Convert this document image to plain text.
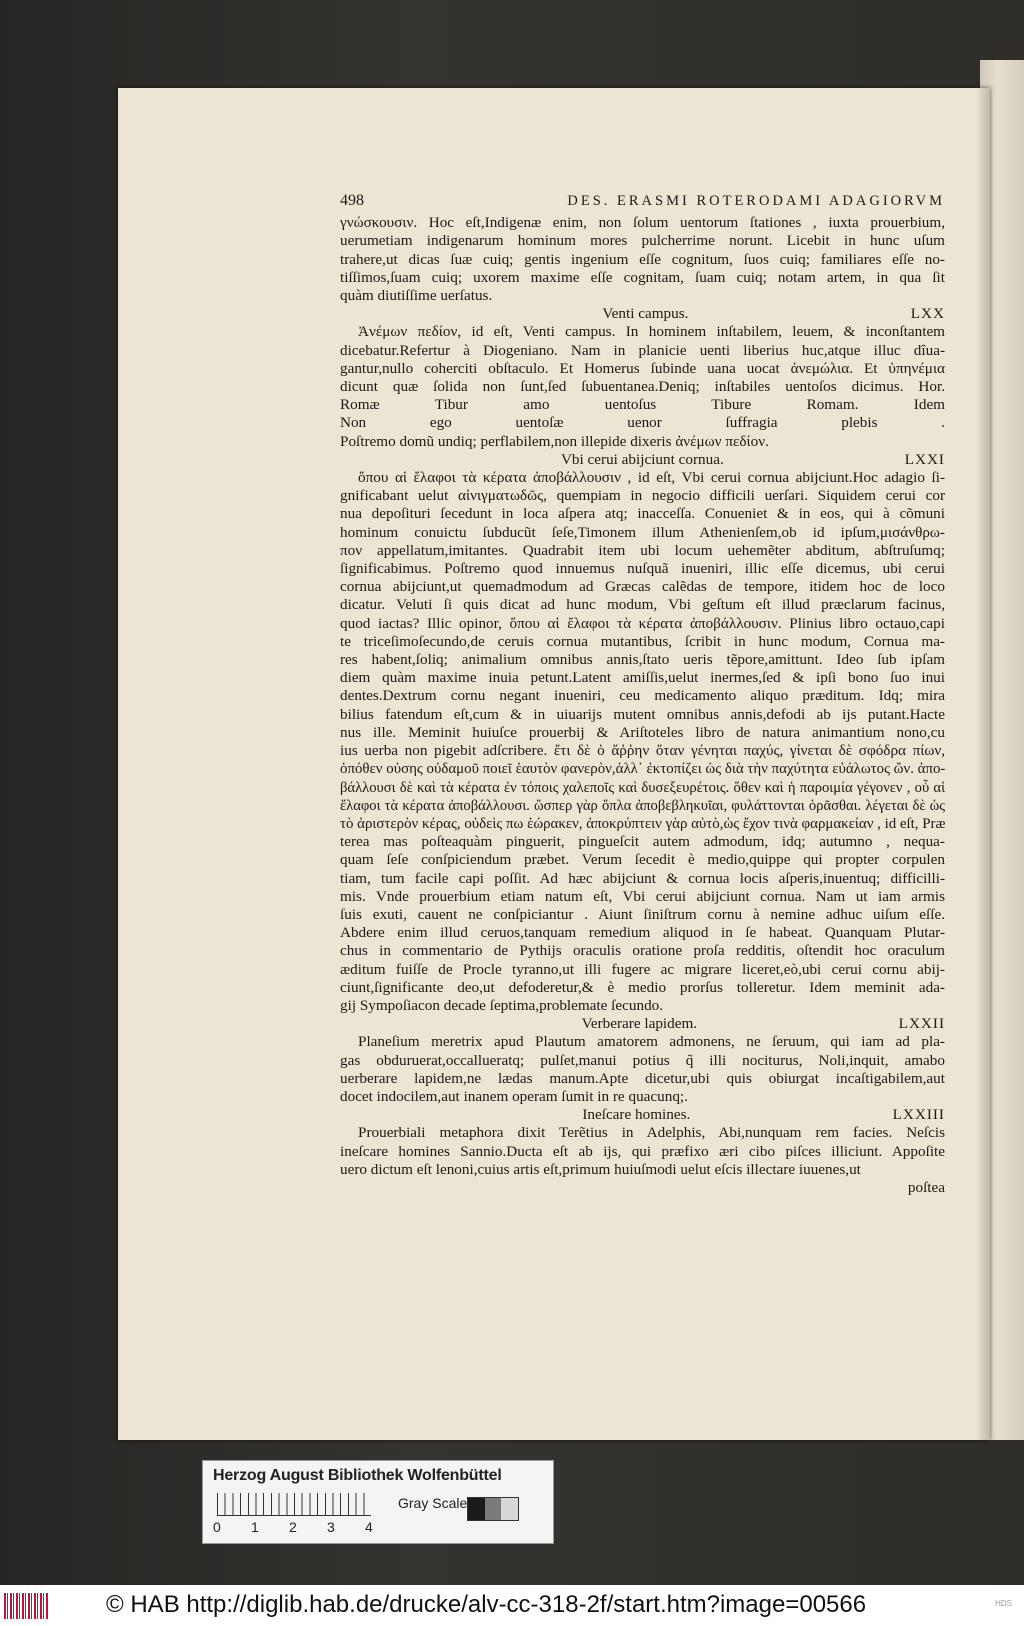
498	DES. ERASMI ROTERODAMI ADAGIORVM
γνώσκουσιν. Hoc eſt,Indigenæ enim, non ſolum uentorum ſtationes , iuxta prouerbium,
uerumetiam indigenarum hominum mores pulcherrime norunt. Licebit in hunc uſum
trahere,ut dicas ſuæ cuiq; gentis ingenium eſſe cognitum, ſuos cuiq; familiares eſſe no-
tiſſimos,ſuam cuiq; uxorem maxime eſſe cognitam, ſuam cuiq; notam artem, in qua ſit
quàm diutiſſime uerſatus.
Venti campus.	LXX
Ἀνέμων πεδίον, id eſt, Venti campus. In hominem inſtabilem, leuem, & inconſtantem
dicebatur.Refertur à Diogeniano. Nam in planicie uenti liberius huc,atque illuc dîua-
gantur,nullo coherciti obſtaculo. Et Homerus ſubinde uana uocat ἀνεμώλια. Et ὑπηνέμια
dicunt quæ ſolida non ſunt,ſed ſubuentanea.Deniq; inſtabiles uentoſos dicimus. Hor.
Romæ Tibur amo uentoſus Tibure Romam. Idem
Non ego uentoſæ uenor ſuffragia plebis .
Poſtremo domũ undiq; perflabilem,non illepide dixeris ἀνέμων πεδίον.
Vbi cerui abijciunt cornua.	LXXI
ὅπου αἱ ἔλαφοι τὰ κέρατα ἀποβάλλουσιν , id eſt, Vbi cerui cornua abijciunt.Hoc adagio ſi-
gnificabant uelut αἰνιγματωδῶς, quempiam in negocio difficili uerſari. Siquidem cerui cor
nua depoſituri ſecedunt in loca aſpera atq; inacceſſa. Conueniet & in eos, qui à cõmuni
hominum conuictu ſubducũt ſeſe,Timonem illum Athenienſem,ob id ipſum,μισάνθρω-
πον appellatum,imitantes. Quadrabit item ubi locum uehemẽter abditum, abſtruſumq;
ſignificabimus. Poſtremo quod innuemus nuſquã inueniri, illic eſſe dicemus, ubi cerui
cornua abijciunt,ut quemadmodum ad Græcas calẽdas de tempore, itidem hoc de loco
dicatur. Veluti ſi quis dicat ad hunc modum, Vbi geſtum eſt illud præclarum facinus,
quod iactas? Illic opinor, ὅπου αἱ ἔλαφοι τὰ κέρατα ἀποβάλλουσιν. Plinius libro octauo,capi
te triceſimoſecundo,de ceruis cornua mutantibus, ſcribit in hunc modum, Cornua ma-
res habent,ſoliq; animalium omnibus annis,ſtato ueris tẽpore,amittunt. Ideo ſub ipſam
diem quàm maxime inuia petunt.Latent amiſſis,uelut inermes,ſed & ipſi bono ſuo inui
dentes.Dextrum cornu negant inueniri, ceu medicamento aliquo præditum. Idq; mira
bilius fatendum eſt,cum & in uiuarijs mutent omnibus annis,defodi ab ijs putant.Hacte
nus ille. Meminit huiuſce prouerbij & Ariſtoteles libro de natura animantium nono,cu
ius uerba non pigebit adſcribere. ἔτι δὲ ὁ ἄῤῥην ὅταν γένηται παχύς, γίνεται δὲ σφόδρα πίων,
ὁπόθεν οὐσης οὐδαμοῦ ποιεῖ ἑαυτὸν φανερὸν,ἀλλ᾽ ἐκτοπίζει ὡς διὰ τὴν παχύτητα εὐάλωτος ὤν. ἀπο-
βάλλουσι δὲ καὶ τὰ κέρατα ἐν τόποις χαλεποῖς καὶ δυσεξευρέτοις. ὅθεν καὶ ἡ παροιμία γέγονεν , οὗ αἱ
ἔλαφοι τὰ κέρατα ἀποβάλλουσι. ὥσπερ γὰρ ὅπλα ἀποβεβληκυῖαι, φυλάττονται ὁρᾶσθαι. λέγεται δὲ ὡς
τὸ ἀριστερὸν κέρας, οὐδεὶς πω ἑώρακεν, ἀποκρύπτειν γὰρ αὐτὸ,ὡς ἔχον τινὰ φαρμακείαν , id eſt, Præ
terea mas poſteaquàm pinguerit, pingueſcit autem admodum, idq; autumno , nequa-
quam ſeſe conſpiciendum præbet. Verum ſecedit è medio,quippe qui propter corpulen
tiam, tum facile capi poſſit. Ad hæc abijciunt & cornua locis aſperis,inuentuq; difficilli-
mis. Vnde prouerbium etiam natum eſt, Vbi cerui abijciunt cornua. Nam ut iam armis
ſuis exuti, cauent ne conſpiciantur . Aiunt ſiniſtrum cornu à nemine adhuc uiſum eſſe.
Abdere enim illud ceruos,tanquam remedium aliquod in ſe habeat. Quanquam Plutar-
chus in commentario de Pythijs oraculis oratione proſa redditis, oſtendit hoc oraculum
æditum fuiſſe de Procle tyranno,ut illi fugere ac migrare liceret,eò,ubi cerui cornu abij-
ciunt,ſignificante deo,ut defoderetur,& è medio prorſus tolleretur. Idem meminit ada-
gij Sympoſiacon decade ſeptima,problemate ſecundo.
Verberare lapidem.	LXXII
Planeſium meretrix apud Plautum amatorem admonens, ne ſeruum, qui iam ad pla-
gas obduruerat,occallueratq; pulſet,manui potius q̃ illi nociturus, Noli,inquit, amabo
uerberare lapidem,ne lædas manum.Apte dicetur,ubi quis obiurgat incaſtigabilem,aut
docet indocilem,aut inanem operam ſumit in re quacunq;.
Ineſcare homines.	LXXIII
Prouerbiali metaphora dixit Terẽtius in Adelphis, Abi,nunquam rem facies. Neſcis
ineſcare homines Sannio.Ducta eſt ab ijs, qui præfixo æri cibo piſces illiciunt. Appoſite
uero dictum eſt lenoni,cuius artis eſt,primum huiuſmodi uelut eſcis illectare iuuenes,ut
poſtea
Herzog August Bibliothek Wolfenbüttel
0 1 2 3 4
Gray Scale
© HAB http://diglib.hab.de/drucke/alv-cc-318-2f/start.htm?image=00566	HDS
